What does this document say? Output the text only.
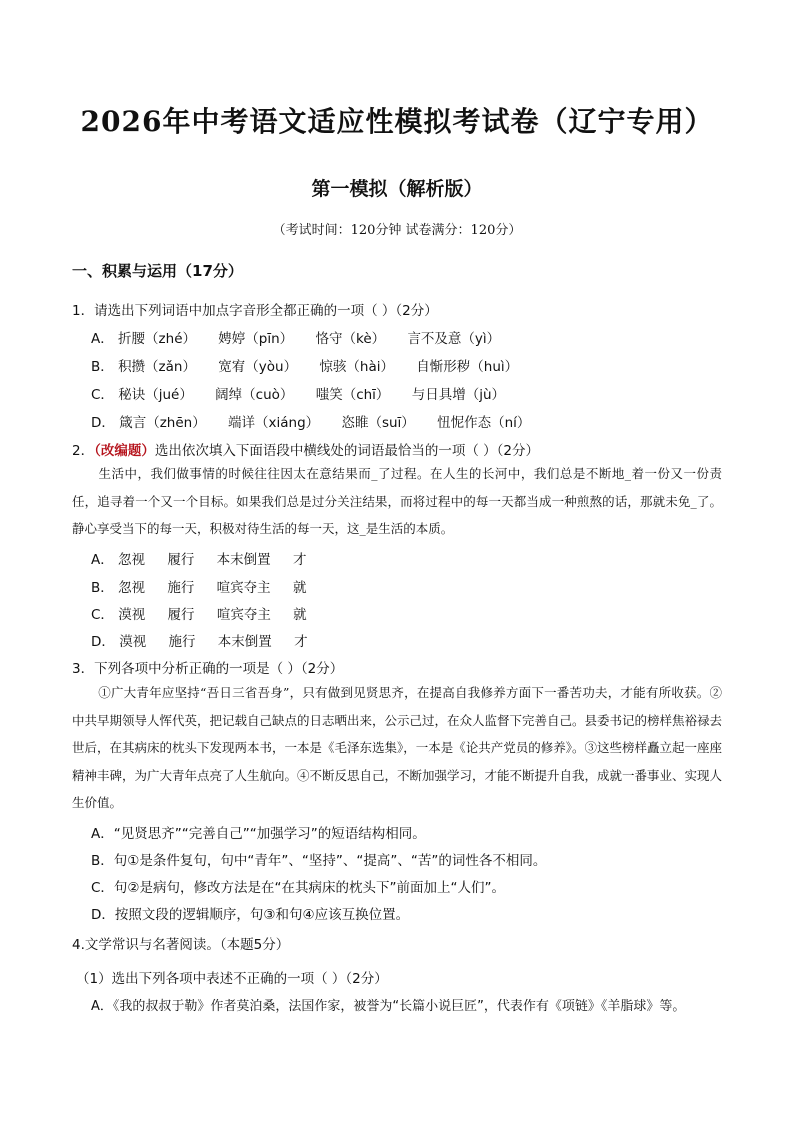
2026年中考语文适应性模拟考试卷（辽宁专用）
第一模拟（解析版）
（考试时间：120分钟 试卷满分：120分）
一、积累与运用（17分）
1．请选出下列词语中加点字音形全都正确的一项（ ）（2分）
A． 折腰（zhé） 娉婷（pīn） 恪守（kè） 言不及意（yì）
B． 积攒（zǎn） 宽宥（yòu） 惊骇（hài） 自惭形秽（huì）
C． 秘诀（jué） 阔绰（cuò） 嗤笑（chī） 与日具增（jù）
D． 箴言（zhēn） 端详（xiáng） 恣睢（suī） 忸怩作态（ní）
2．（改编题）选出依次填入下面语段中横线处的词语最恰当的一项（ ）（2分）
生活中，我们做事情的时候往往因太在意结果而_了过程。在人生的长河中，我们总是不断地_着一份又一份责任，追寻着一个又一个目标。如果我们总是过分关注结果，而将过程中的每一天都当成一种煎熬的话，那就未免_了。静心享受当下的每一天，积极对待生活的每一天，这_是生活的本质。
A． 忽视 履行 本末倒置 才
B． 忽视 施行 喧宾夺主 就
C． 漠视 履行 喧宾夺主 就
D． 漠视 施行 本末倒置 才
3．下列各项中分析正确的一项是（ ）（2分）
①广大青年应坚持“吾日三省吾身”，只有做到见贤思齐，在提高自我修养方面下一番苦功夫，才能有所收获。②中共早期领导人恽代英，把记载自己缺点的日志晒出来，公示己过，在众人监督下完善自己。县委书记的榜样焦裕禄去世后，在其病床的枕头下发现两本书，一本是《毛泽东选集》，一本是《论共产党员的修养》。③这些榜样矗立起一座座精神丰碑，为广大青年点亮了人生航向。④不断反思自己，不断加强学习，才能不断提升自我，成就一番事业、实现人生价值。
A．“见贤思齐”“完善自己”“加强学习”的短语结构相同。
B．句①是条件复句，句中“青年”、“坚持”、“提高”、“苦”的词性各不相同。
C．句②是病句，修改方法是在“在其病床的枕头下”前面加上“人们”。
D．按照文段的逻辑顺序，句③和句④应该互换位置。
4.文学常识与名著阅读。（本题5分）
（1）选出下列各项中表述不正确的一项（ ）（2分）
A．《我的叔叔于勒》作者莫泊桑，法国作家，被誉为“长篇小说巨匠”，代表作有《项链》《羊脂球》等。
